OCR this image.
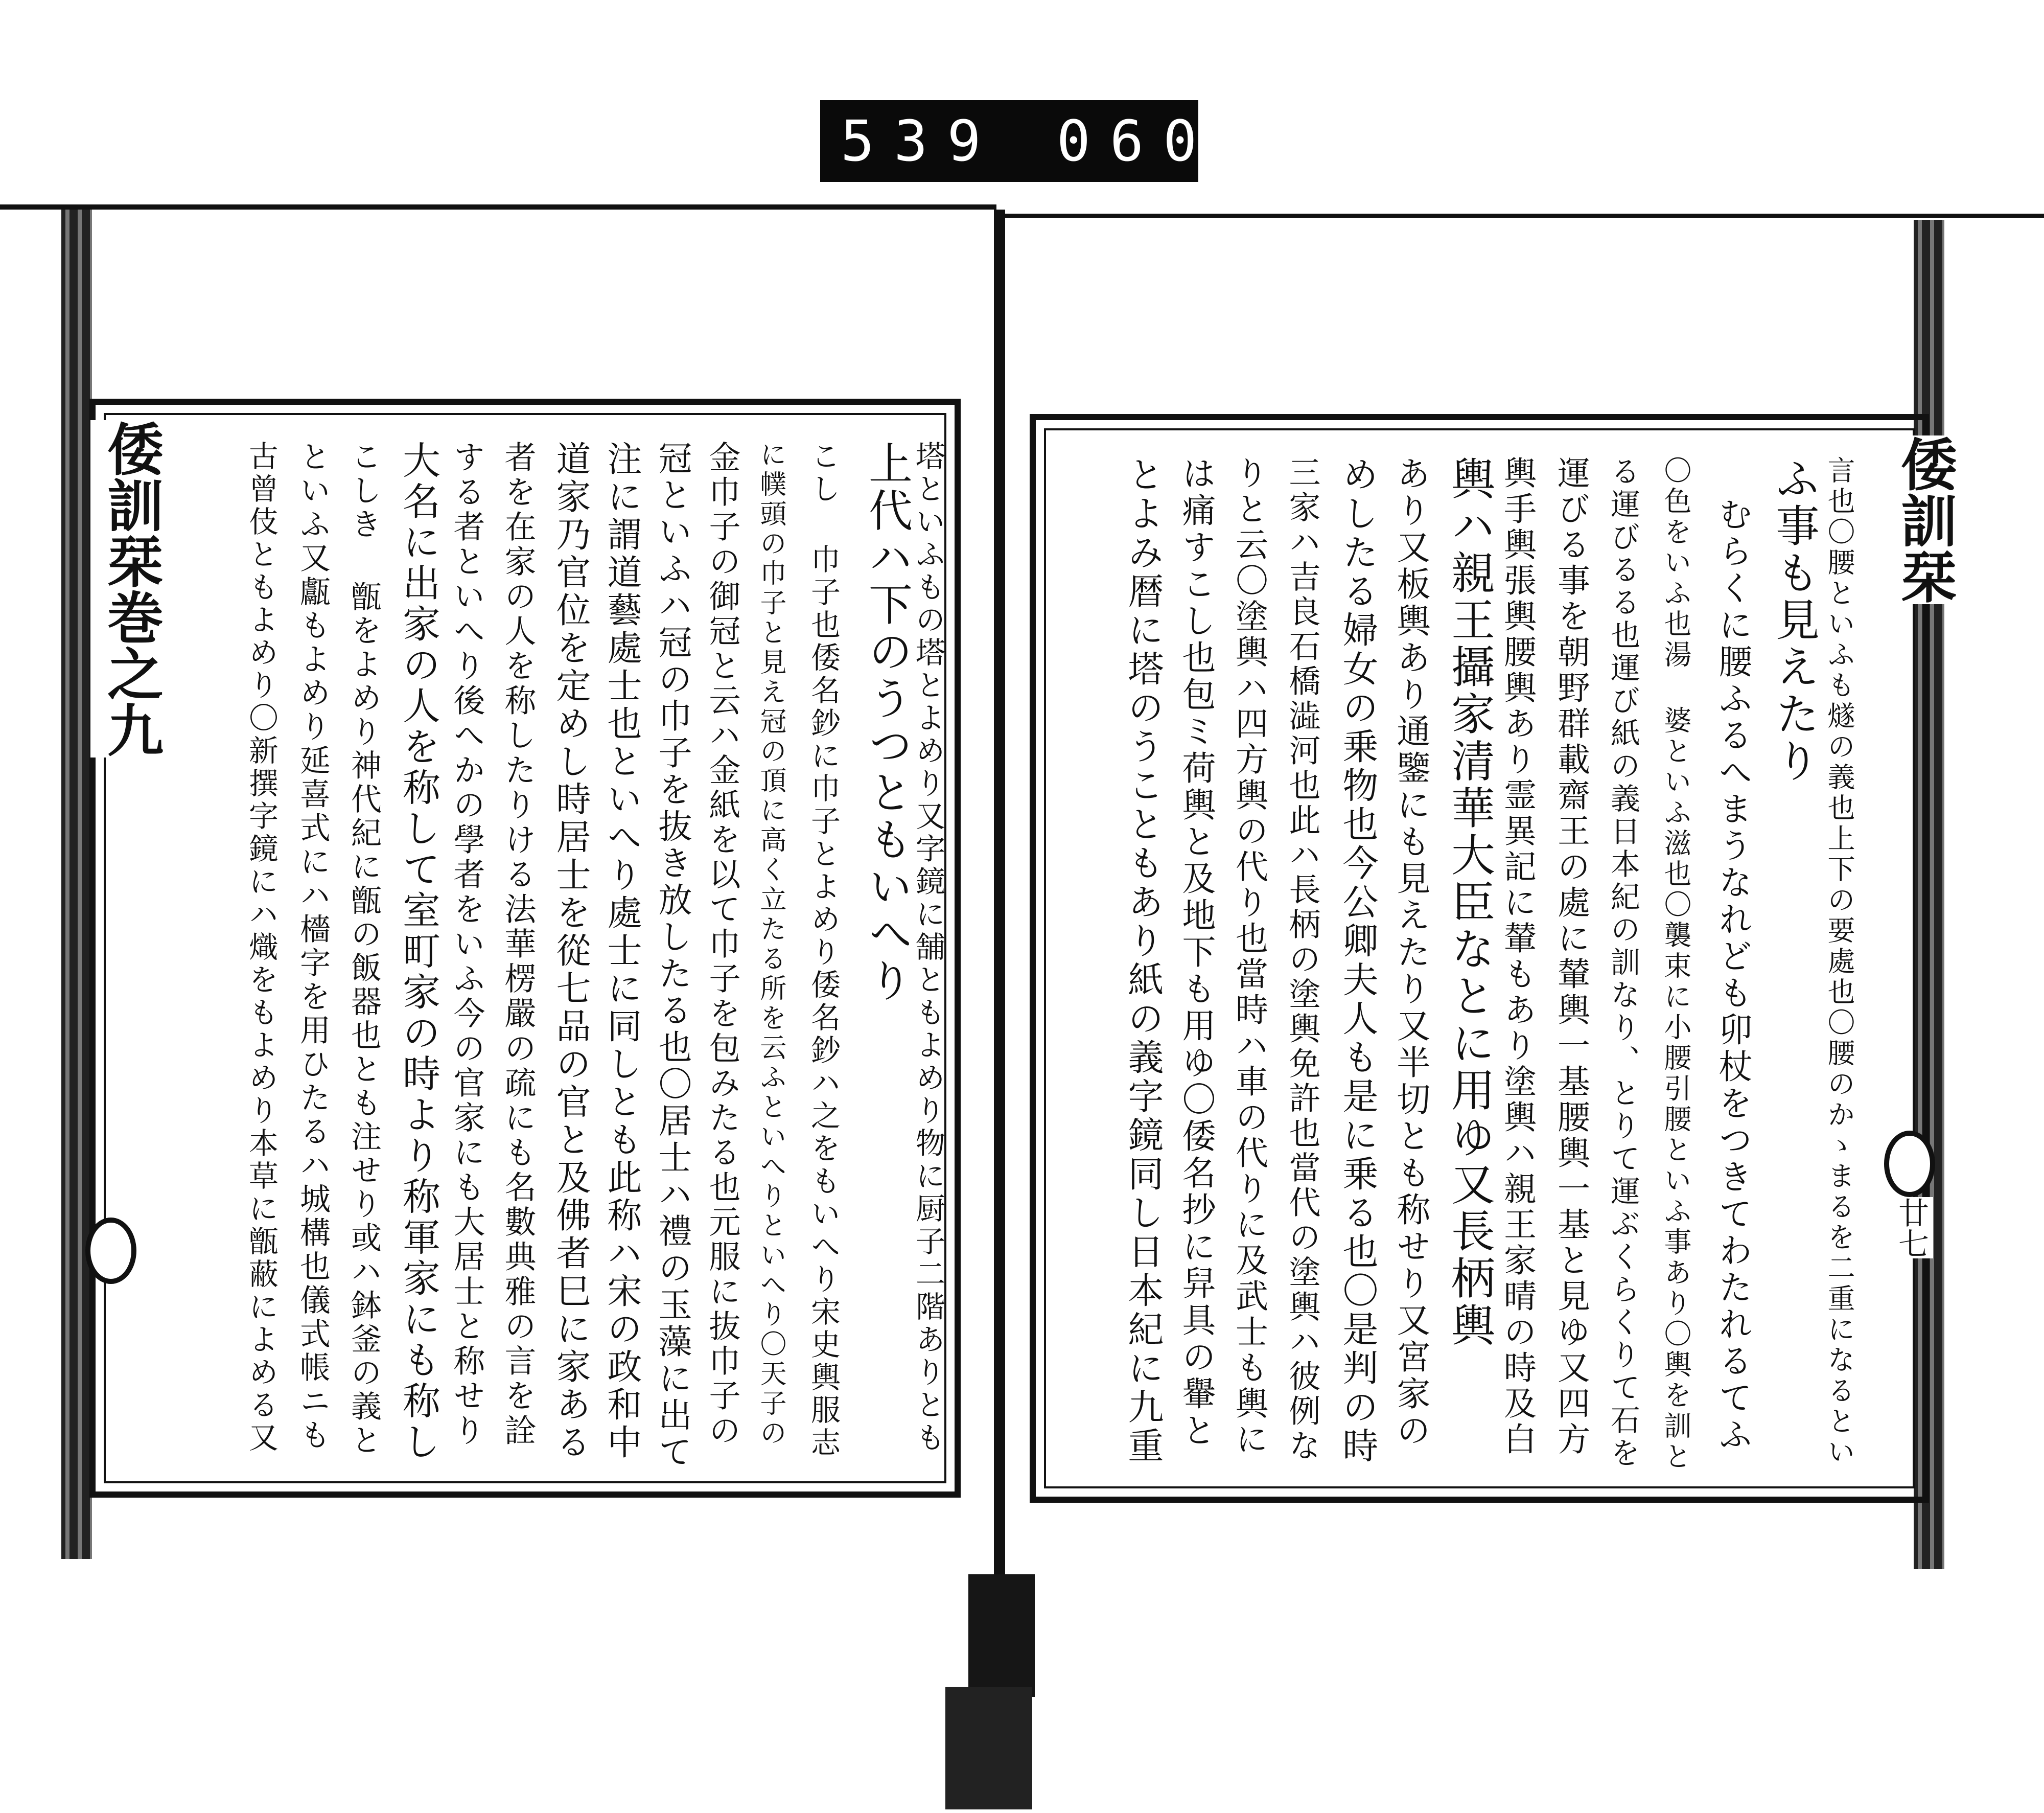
539 060
倭訓栞巻之九	塔といふもの塔とよめり又字鏡に舗ともよめり物に厨子二階ありとも
上代ハ下のうつともいへり
こし 巾子也倭名鈔に巾子とよめり倭名鈔ハ之をもいへり宋史輿服志
に幞頭の巾子と見え冠の頂に高く立たる所を云ふといへりといへり〇天子の
金巾子の御冠と云ハ金紙を以て巾子を包みたる也元服に抜巾子の
冠といふハ冠の巾子を抜き放したる也〇居士ハ禮の玉藻に出て
注に謂道藝處士也といへり處士に同しとも此称ハ宋の政和中
道家乃官位を定めし時居士を從七品の官と及佛者巳に家ある
者を在家の人を称したりける法華楞嚴の疏にも名數典雅の言を詮
する者といへり後へかの學者をいふ今の官家にも大居士と称せり
大名に出家の人を称して室町家の時より称軍家にも称し
こしき 甑をよめり神代紀に甑の飯器也とも注せり或ハ鉢釜の義と
といふ又甗もよめり延喜式にハ檣字を用ひたるハ城構也儀式帳ニも
古曾伎ともよめり〇新撰字鏡にハ熾をもよめり本草に甑蔽によめる又	倭訓栞
廿七
言也〇腰といふも燧の義也上下の要處也〇腰のかゝまるを二重になるとい
ふ事も見えたり
むらくに腰ふるへまうなれども卯杖をつきてわたれるてふ
〇色をいふ也湯 婆といふ滋也〇襲束に小腰引腰といふ事あり〇輿を訓と
る運びるる也運び紙の義日本紀の訓なり、とりて運ぶくらくりて石を
運びる事を朝野群載齋王の處に輦輿一基腰輿一基と見ゆ又四方
輿手輿張輿腰輿あり霊異記に輦もあり塗輿ハ親王家晴の時及白
輿ハ親王攝家清華大臣なとに用ゆ又長柄輿
あり又板輿あり通鑒にも見えたり又半切とも称せり又宮家の
めしたる婦女の乗物也今公卿夫人も是に乗る也〇是判の時
三家ハ吉良石橋澁河也此ハ長柄の塗輿免許也當代の塗輿ハ彼例な
りと云〇塗輿ハ四方輿の代り也當時ハ車の代りに及武士も輿に
は痛すこし也包ミ荷輿と及地下も用ゆ〇倭名抄に舁具の轝と
とよみ暦に塔のうこともあり紙の義字鏡同し日本紀に九重
